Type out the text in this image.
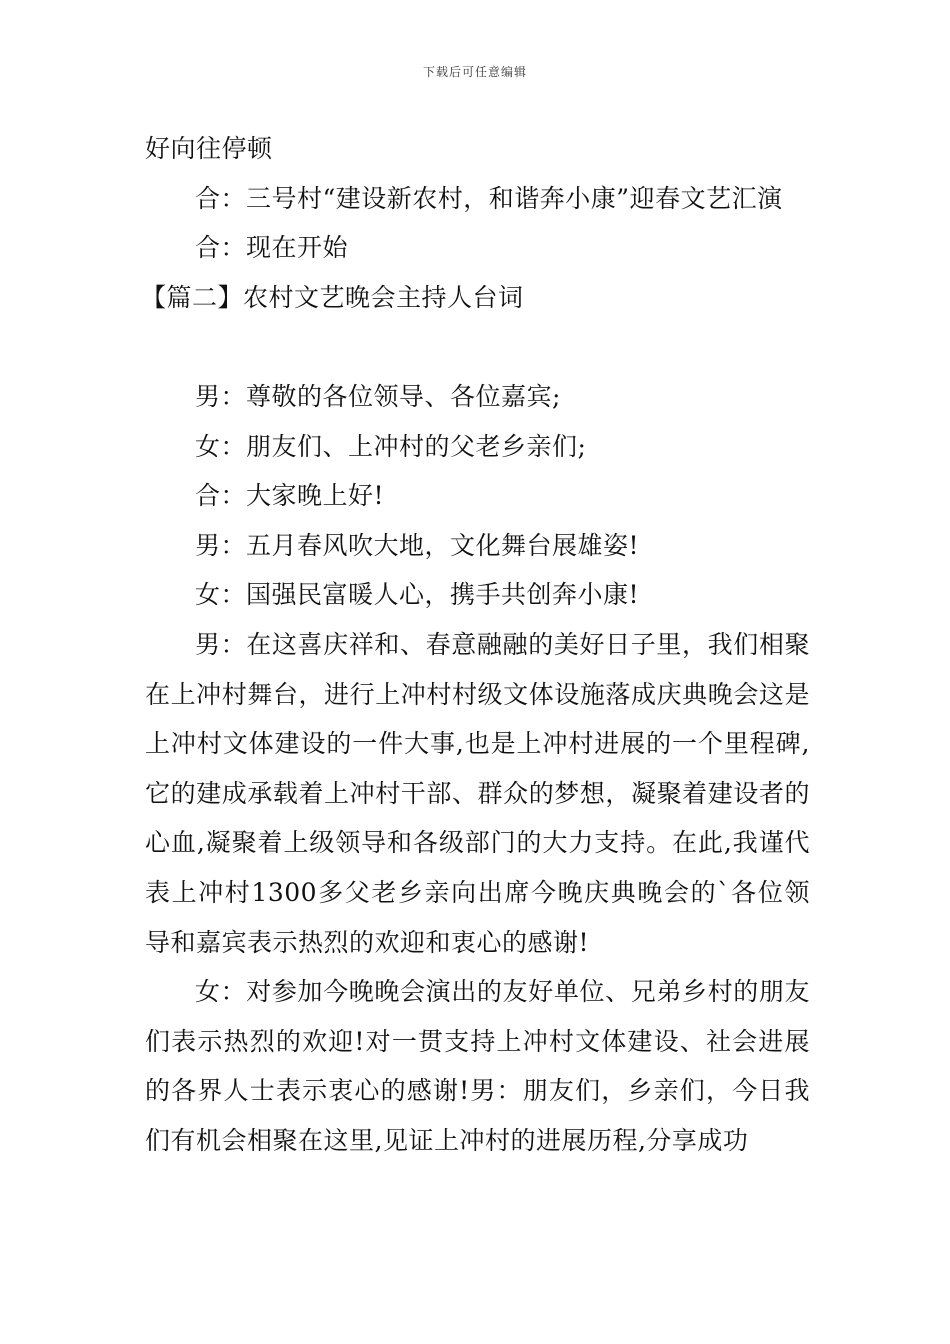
下载后可任意编辑

好向往停顿

合：三号村“建设新农村，和谐奔小康”迎春文艺汇演

合：现在开始

【篇二】农村文艺晚会主持人台词

男：尊敬的各位领导、各位嘉宾;

女：朋友们、上冲村的父老乡亲们;

合：大家晚上好!

男：五月春风吹大地，文化舞台展雄姿!

女：国强民富暖人心，携手共创奔小康!

男：在这喜庆祥和、春意融融的美好日子里，我们相聚在上冲村舞台，进行上冲村村级文体设施落成庆典晚会这是上冲村文体建设的一件大事,也是上冲村进展的一个里程碑,它的建成承载着上冲村干部、群众的梦想，凝聚着建设者的心血,凝聚着上级领导和各级部门的大力支持。在此,我谨代表上冲村1300多父老乡亲向出席今晚庆典晚会的`各位领导和嘉宾表示热烈的欢迎和衷心的感谢!

女：对参加今晚晚会演出的友好单位、兄弟乡村的朋友们表示热烈的欢迎!对一贯支持上冲村文体建设、社会进展的各界人士表示衷心的感谢!男：朋友们，乡亲们，今日我们有机会相聚在这里,见证上冲村的进展历程,分享成功
